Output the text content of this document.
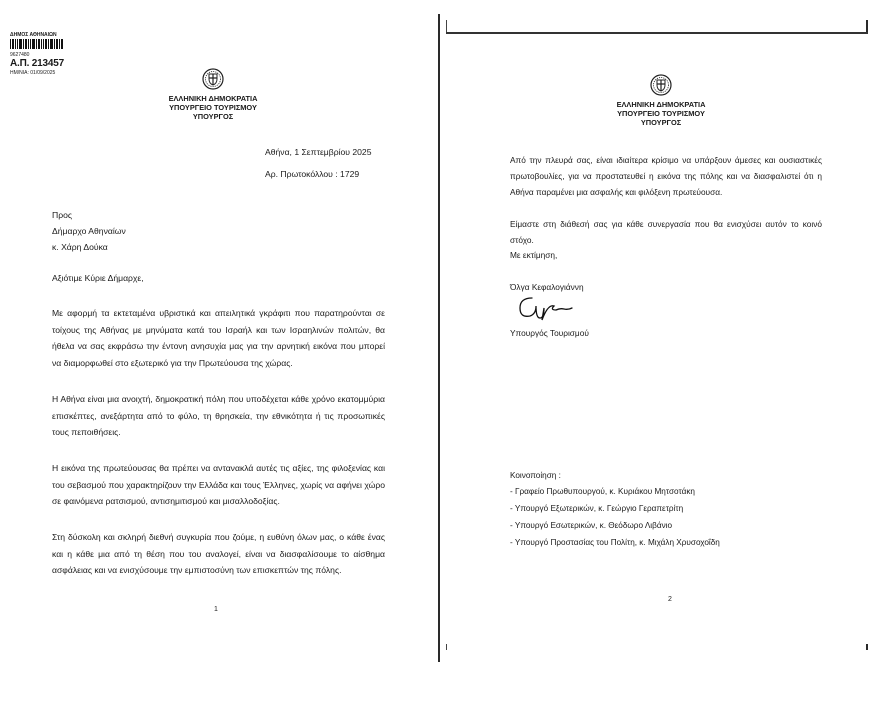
ΔΗΜΟΣ ΑΘΗΝΑΙΩΝ
9627480
Α.Π. 213457
ΗΜ/ΝΙΑ: 01/09/2025
ΕΛΛΗΝΙΚΗ ΔΗΜΟΚΡΑΤΙΑ
ΥΠΟΥΡΓΕΙΟ ΤΟΥΡΙΣΜΟΥ
ΥΠΟΥΡΓΟΣ
Αθήνα, 1 Σεπτεμβρίου 2025
Αρ. Πρωτοκόλλου : 1729
Προς
Δήμαρχο Αθηναίων
κ. Χάρη Δούκα
Αξιότιμε Κύριε Δήμαρχε,
Με αφορμή τα εκτεταμένα υβριστικά και απειλητικά γκράφιτι που παρατηρούνται σε τοίχους της Αθήνας με μηνύματα κατά του Ισραήλ και των Ισραηλινών πολιτών, θα ήθελα να σας εκφράσω την έντονη ανησυχία μας για την αρνητική εικόνα που μπορεί να διαμορφωθεί στο εξωτερικό για την Πρωτεύουσα της χώρας.
Η Αθήνα είναι μια ανοιχτή, δημοκρατική πόλη που υποδέχεται κάθε χρόνο εκατομμύρια επισκέπτες, ανεξάρτητα από το φύλο, τη θρησκεία, την εθνικότητα ή τις προσωπικές τους πεποιθήσεις.
Η εικόνα της πρωτεύουσας θα πρέπει να αντανακλά αυτές τις αξίες, της φιλοξενίας και του σεβασμού που χαρακτηρίζουν την Ελλάδα και τους Έλληνες, χωρίς να αφήνει χώρο σε φαινόμενα ρατσισμού, αντισημιτισμού και μισαλλοδοξίας.
Στη δύσκολη και σκληρή διεθνή συγκυρία που ζούμε, η ευθύνη όλων μας, ο κάθε ένας και η κάθε μια από τη θέση που του αναλογεί, είναι να διασφαλίσουμε το αίσθημα ασφάλειας και να ενισχύσουμε την εμπιστοσύνη των επισκεπτών της πόλης.
1
ΕΛΛΗΝΙΚΗ ΔΗΜΟΚΡΑΤΙΑ
ΥΠΟΥΡΓΕΙΟ ΤΟΥΡΙΣΜΟΥ
ΥΠΟΥΡΓΟΣ
Από την πλευρά σας, είναι ιδιαίτερα κρίσιμο να υπάρξουν άμεσες και ουσιαστικές πρωτοβουλίες, για να προστατευθεί η εικόνα της πόλης και να διασφαλιστεί ότι η Αθήνα παραμένει μια ασφαλής και φιλόξενη πρωτεύουσα.
Είμαστε στη διάθεσή σας για κάθε συνεργασία που θα ενισχύσει αυτόν το κοινό στόχο.
Με εκτίμηση,
Όλγα Κεφαλογιάννη
Υπουργός Τουρισμού
Κοινοποίηση :
- Γραφείο Πρωθυπουργού, κ. Κυριάκου Μητσοτάκη
- Υπουργό Εξωτερικών, κ. Γεώργιο Γεραπετρίτη
- Υπουργό Εσωτερικών, κ. Θεόδωρο Λιβάνιο
- Υπουργό Προστασίας του Πολίτη, κ. Μιχάλη Χρυσοχοΐδη
2
